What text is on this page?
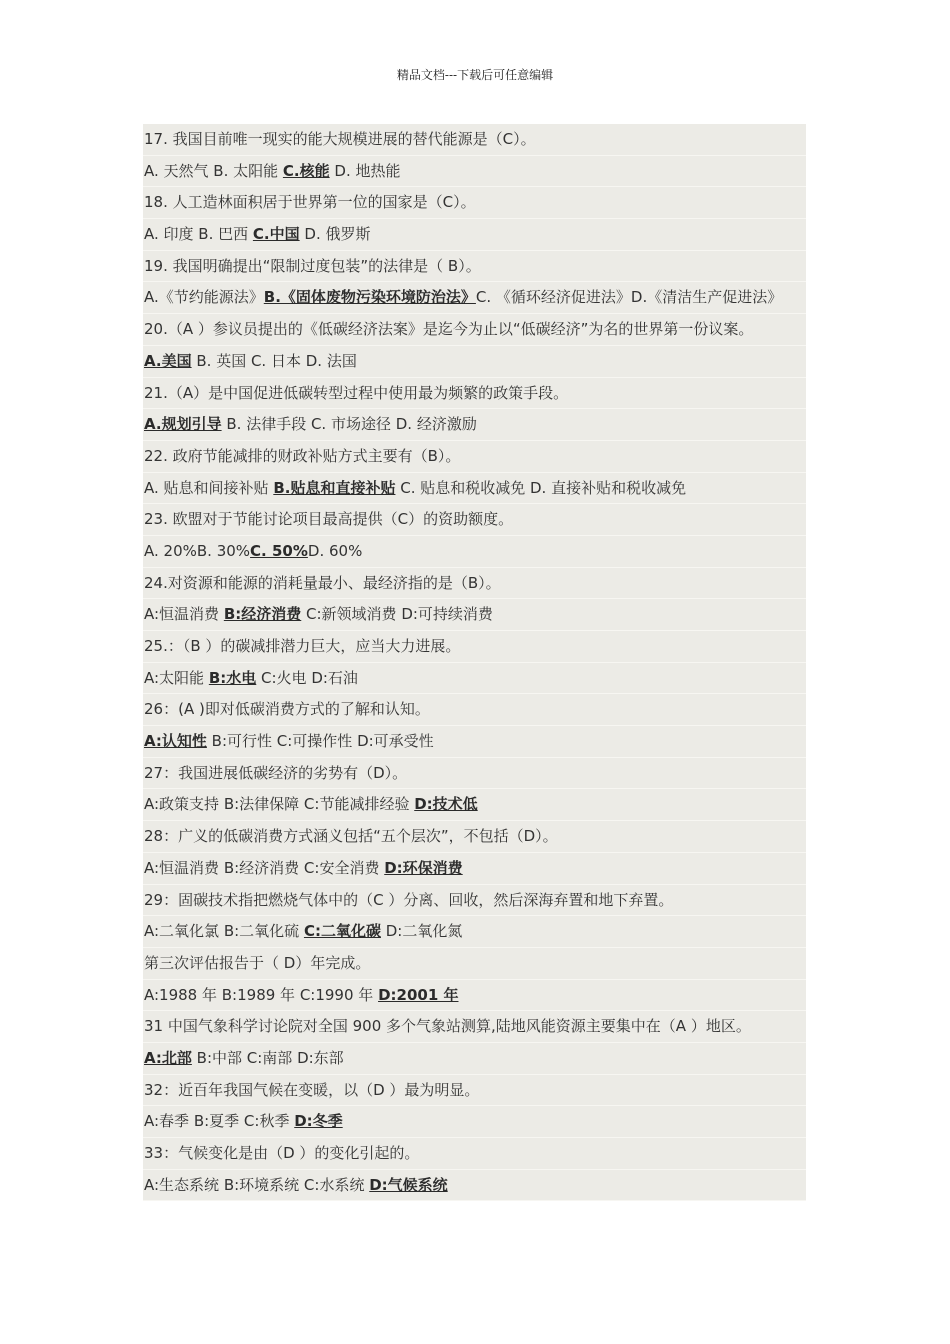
精品文档---下载后可任意编辑
17. 我国目前唯一现实的能大规模进展的替代能源是（C）。
A. 天然气 B. 太阳能 C.核能 D. 地热能
18. 人工造林面积居于世界第一位的国家是（C）。
A. 印度 B. 巴西 C.中国 D. 俄罗斯
19. 我国明确提出“限制过度包装”的法律是（ B）。
A.《节约能源法》B.《固体废物污染环境防治法》C. 《循环经济促进法》D.《清洁生产促进法》
20.（A ）参议员提出的《低碳经济法案》是迄今为止以“低碳经济”为名的世界第一份议案。
A.美国 B. 英国 C. 日本 D. 法国
21.（A）是中国促进低碳转型过程中使用最为频繁的政策手段。
A.规划引导 B. 法律手段 C. 市场途径 D. 经济激励
22. 政府节能减排的财政补贴方式主要有（B）。
A. 贴息和间接补贴 B.贴息和直接补贴 C. 贴息和税收减免 D. 直接补贴和税收减免
23. 欧盟对于节能讨论项目最高提供（C）的资助额度。
A. 20%B. 30%C. 50%D. 60%
24.对资源和能源的消耗量最小、最经济指的是（B）。
A:恒温消费 B:经济消费 C:新领域消费 D:可持续消费
25.：（B ）的碳减排潜力巨大，应当大力进展。
A:太阳能 B:水电 C:火电 D:石油
26：(A )即对低碳消费方式的了解和认知。
A:认知性 B:可行性 C:可操作性 D:可承受性
27：我国进展低碳经济的劣势有（D）。
A:政策支持 B:法律保障 C:节能减排经验 D:技术低
28：广义的低碳消费方式涵义包括“五个层次”，不包括（D）。
A:恒温消费 B:经济消费 C:安全消费 D:环保消费
29：固碳技术指把燃烧气体中的（C ）分离、回收，然后深海弃置和地下弃置。
A:二氧化氯 B:二氧化硫 C:二氧化碳 D:二氧化氮
第三次评估报告于（ D）年完成。
A:1988 年 B:1989 年 C:1990 年 D:2001 年
31 中国气象科学讨论院对全国 900 多个气象站测算,陆地风能资源主要集中在（A ）地区。
A:北部 B:中部 C:南部 D:东部
32：近百年我国气候在变暖，以（D ）最为明显。
A:春季 B:夏季 C:秋季 D:冬季
33：气候变化是由（D ）的变化引起的。
A:生态系统 B:环境系统 C:水系统 D:气候系统
